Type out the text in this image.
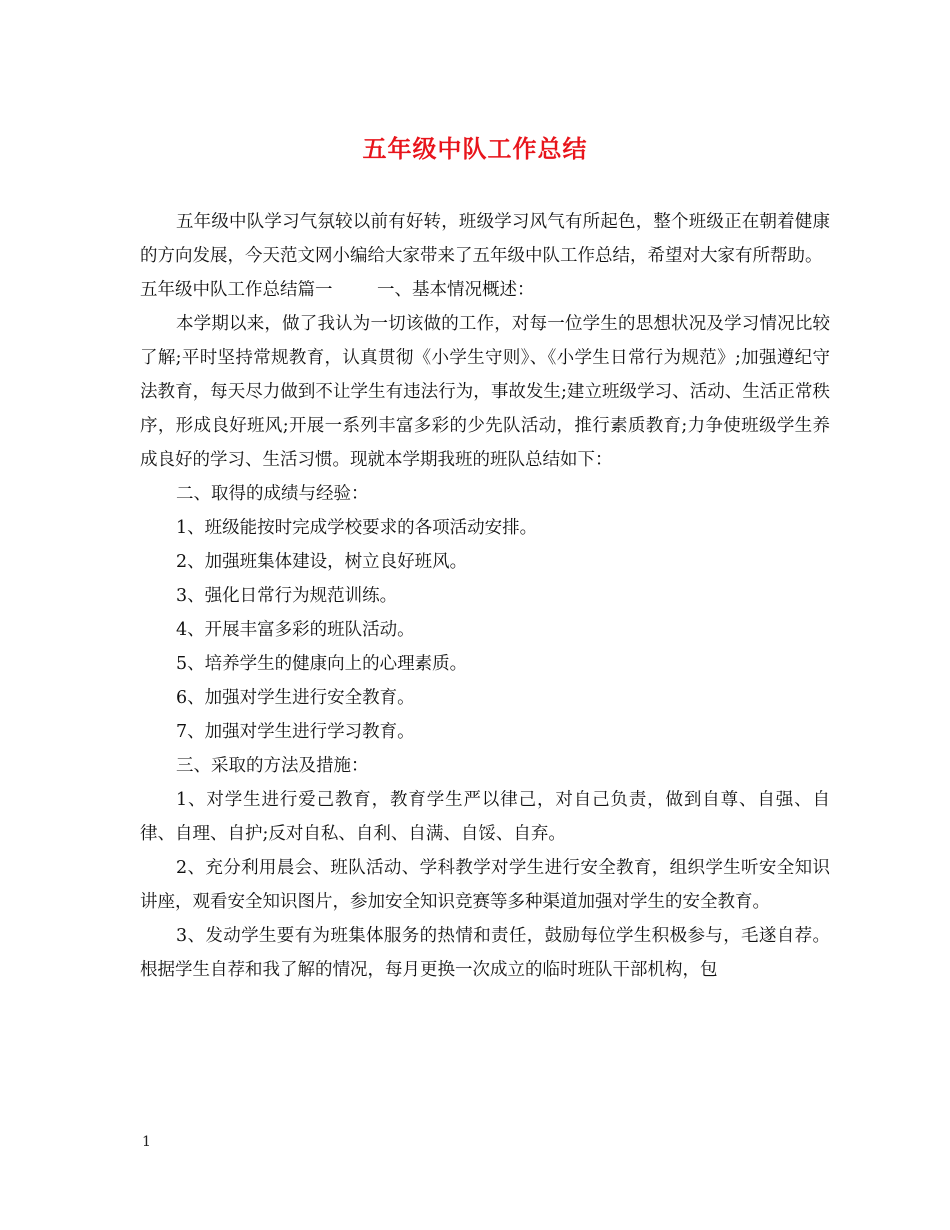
五年级中队工作总结

五年级中队学习气氛较以前有好转，班级学习风气有所起色，整个班级正在朝着健康的方向发展，今天范文网小编给大家带来了五年级中队工作总结，希望对大家有所帮助。

五年级中队工作总结篇一	一、基本情况概述：

本学期以来，做了我认为一切该做的工作，对每一位学生的思想状况及学习情况比较了解;平时坚持常规教育，认真贯彻《小学生守则》、《小学生日常行为规范》;加强遵纪守法教育，每天尽力做到不让学生有违法行为，事故发生;建立班级学习、活动、生活正常秩序，形成良好班风;开展一系列丰富多彩的少先队活动，推行素质教育;力争使班级学生养成良好的学习、生活习惯。现就本学期我班的班队总结如下：

二、取得的成绩与经验：

1、班级能按时完成学校要求的各项活动安排。

2、加强班集体建设，树立良好班风。

3、强化日常行为规范训练。

4、开展丰富多彩的班队活动。

5、培养学生的健康向上的心理素质。

6、加强对学生进行安全教育。

7、加强对学生进行学习教育。

三、采取的方法及措施：

1、对学生进行爱己教育，教育学生严以律己，对自己负责，做到自尊、自强、自律、自理、自护;反对自私、自利、自满、自馁、自弃。

2、充分利用晨会、班队活动、学科教学对学生进行安全教育，组织学生听安全知识讲座，观看安全知识图片，参加安全知识竞赛等多种渠道加强对学生的安全教育。

3、发动学生要有为班集体服务的热情和责任，鼓励每位学生积极参与，毛遂自荐。根据学生自荐和我了解的情况，每月更换一次成立的临时班队干部机构，包

1
